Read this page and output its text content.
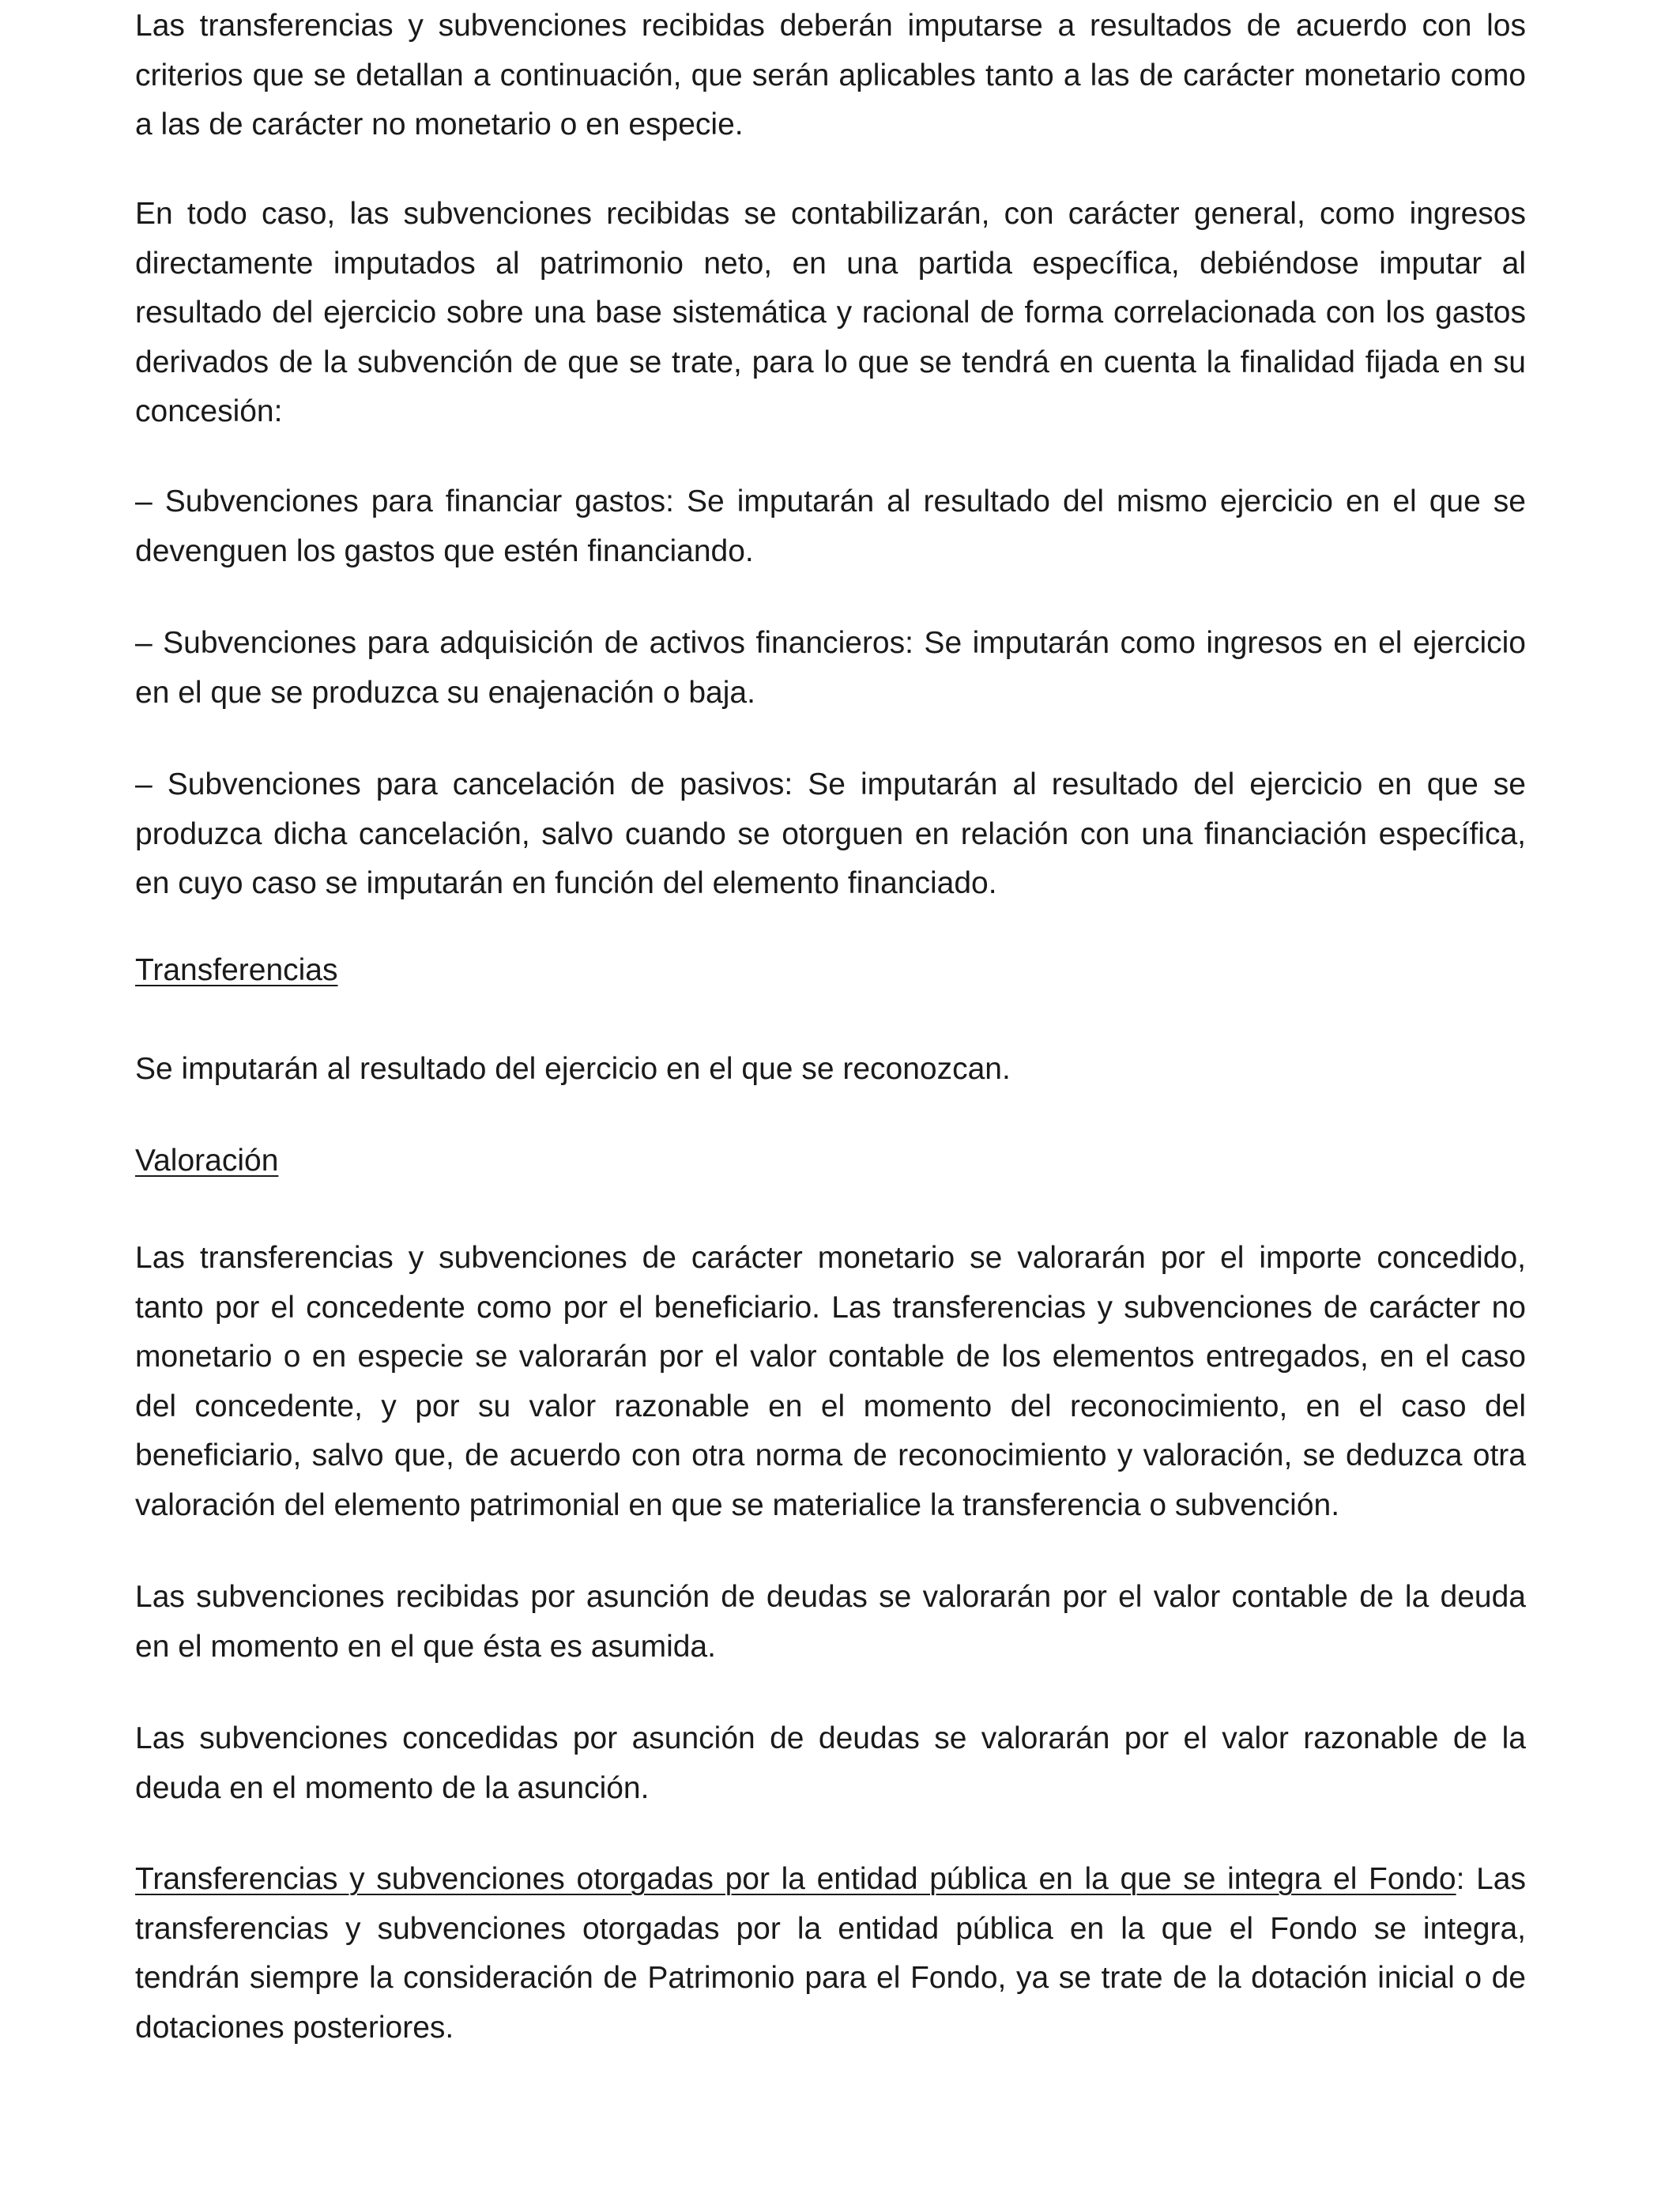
Las transferencias y subvenciones recibidas deberán imputarse a resultados de acuerdo con los criterios que se detallan a continuación, que serán aplicables tanto a las de carácter monetario como a las de carácter no monetario o en especie.

En todo caso, las subvenciones recibidas se contabilizarán, con carácter general, como ingresos directamente imputados al patrimonio neto, en una partida específica, debiéndose imputar al resultado del ejercicio sobre una base sistemática y racional de forma correlacionada con los gastos derivados de la subvención de que se trate, para lo que se tendrá en cuenta la finalidad fijada en su concesión:

– Subvenciones para financiar gastos: Se imputarán al resultado del mismo ejercicio en el que se devenguen los gastos que estén financiando.

– Subvenciones para adquisición de activos financieros: Se imputarán como ingresos en el ejercicio en el que se produzca su enajenación o baja.

– Subvenciones para cancelación de pasivos: Se imputarán al resultado del ejercicio en que se produzca dicha cancelación, salvo cuando se otorguen en relación con una financiación específica, en cuyo caso se imputarán en función del elemento financiado.

Transferencias

Se imputarán al resultado del ejercicio en el que se reconozcan.

Valoración

Las transferencias y subvenciones de carácter monetario se valorarán por el importe concedido, tanto por el concedente como por el beneficiario. Las transferencias y subvenciones de carácter no monetario o en especie se valorarán por el valor contable de los elementos entregados, en el caso del concedente, y por su valor razonable en el momento del reconocimiento, en el caso del beneficiario, salvo que, de acuerdo con otra norma de reconocimiento y valoración, se deduzca otra valoración del elemento patrimonial en que se materialice la transferencia o subvención.

Las subvenciones recibidas por asunción de deudas se valorarán por el valor contable de la deuda en el momento en el que ésta es asumida.

Las subvenciones concedidas por asunción de deudas se valorarán por el valor razonable de la deuda en el momento de la asunción.

Transferencias y subvenciones otorgadas por la entidad pública en la que se integra el Fondo: Las transferencias y subvenciones otorgadas por la entidad pública en la que el Fondo se integra, tendrán siempre la consideración de Patrimonio para el Fondo, ya se trate de la dotación inicial o de dotaciones posteriores.
